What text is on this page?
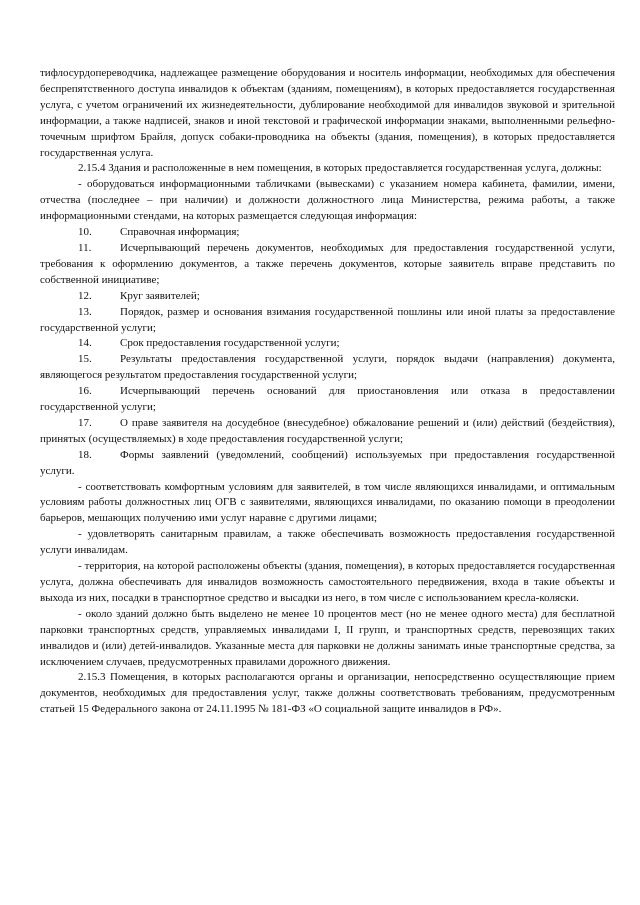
тифлосурдопереводчика, надлежащее размещение оборудования и носитель информации, необходимых для обеспечения беспрепятственного доступа инвалидов к объектам (зданиям, помещениям), в которых предоставляется государственная услуга, с учетом ограничений их жизнедеятельности, дублирование необходимой для инвалидов звуковой и зрительной информации, а также надписей, знаков и иной текстовой и графической информации знаками, выполненными рельефно-точечным шрифтом Брайля, допуск собаки-проводника на объекты (здания, помещения), в которых предоставляется государственная услуга.

2.15.4 Здания и расположенные в нем помещения, в которых предоставляется государственная услуга, должны:

- оборудоваться информационными табличками (вывесками) с указанием номера кабинета, фамилии, имени, отчества (последнее – при наличии) и должности должностного лица Министерства, режима работы, а также информационными стендами, на которых размещается следующая информация:

10.	Справочная информация;

11.	Исчерпывающий перечень документов, необходимых для предоставления государственной услуги, требования к оформлению документов, а также перечень документов, которые заявитель вправе представить по собственной инициативе;

12.	Круг заявителей;

13.	Порядок, размер и основания взимания государственной пошлины или иной платы за предоставление государственной услуги;

14.	Срок предоставления государственной услуги;

15.	Результаты предоставления государственной услуги, порядок выдачи (направления) документа, являющегося результатом предоставления государственной услуги;

16.	Исчерпывающий перечень оснований для приостановления или отказа в предоставлении государственной услуги;

17.	О праве заявителя на досудебное (внесудебное) обжалование решений и (или) действий (бездействия), принятых (осуществляемых) в ходе предоставления государственной услуги;

18.	Формы заявлений (уведомлений, сообщений) используемых при предоставления государственной услуги.

- соответствовать комфортным условиям для заявителей, в том числе являющихся инвалидами, и оптимальным условиям работы должностных лиц ОГВ с заявителями, являющихся инвалидами, по оказанию помощи в преодолении барьеров, мешающих получению ими услуг наравне с другими лицами;

- удовлетворять санитарным правилам, а также обеспечивать возможность предоставления государственной услуги инвалидам.

- территория, на которой расположены объекты (здания, помещения), в которых предоставляется государственная услуга, должна обеспечивать для инвалидов возможность самостоятельного передвижения, входа в такие объекты и выхода из них, посадки в транспортное средство и высадки из него, в том числе с использованием кресла-коляски.

- около зданий должно быть выделено не менее 10 процентов мест (но не менее одного места) для бесплатной парковки транспортных средств, управляемых инвалидами I, II групп, и транспортных средств, перевозящих таких инвалидов и (или) детей-инвалидов. Указанные места для парковки не должны занимать иные транспортные средства, за исключением случаев, предусмотренных правилами дорожного движения.

2.15.3 Помещения, в которых располагаются органы и организации, непосредственно осуществляющие прием документов, необходимых для предоставления услуг, также должны соответствовать требованиям, предусмотренным статьей 15 Федерального закона от 24.11.1995 № 181-ФЗ «О социальной защите инвалидов в РФ».
